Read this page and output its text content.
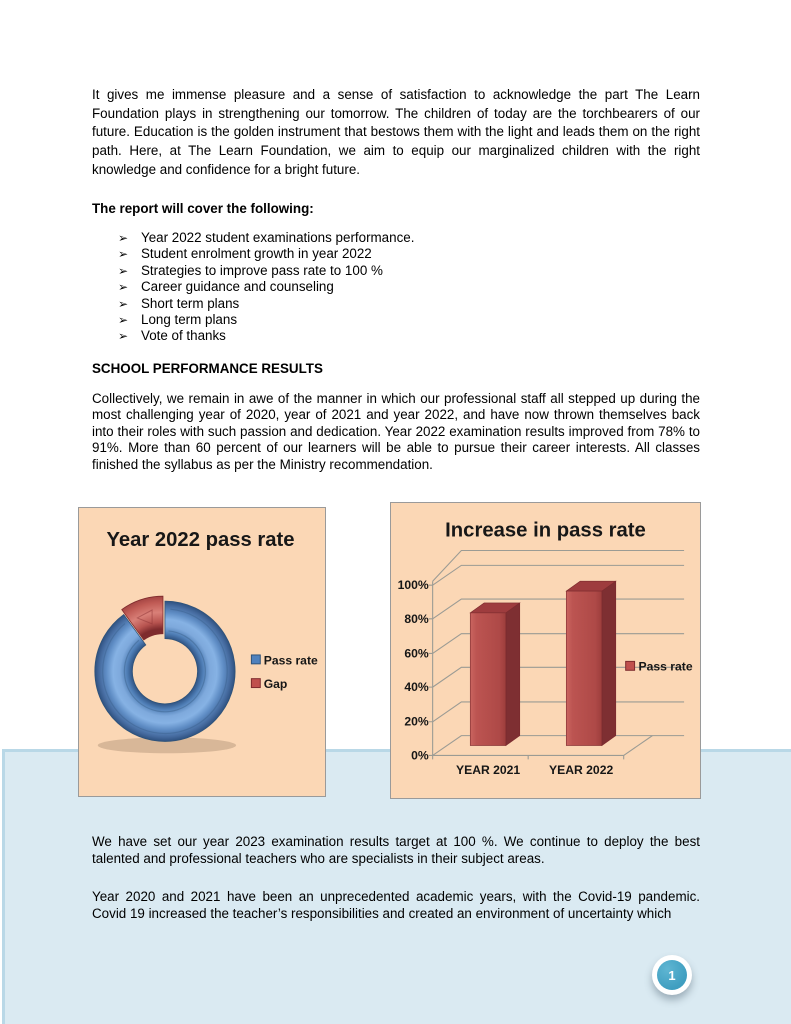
It gives me immense pleasure and a sense of satisfaction to acknowledge the part The Learn Foundation plays in strengthening our tomorrow. The children of today are the torchbearers of our future. Education is the golden instrument that bestows them with the light and leads them on the right path. Here, at The Learn Foundation, we aim to equip our marginalized children with the right knowledge and confidence for a bright future.

The report will cover the following:

➢ Year 2022 student examinations performance.
➢ Student enrolment growth in year 2022
➢ Strategies to improve pass rate to 100 %
➢ Career guidance and counseling
➢ Short term plans
➢ Long term plans
➢ Vote of thanks

SCHOOL PERFORMANCE RESULTS

Collectively, we remain in awe of the manner in which our professional staff all stepped up during the most challenging year of 2020, year of 2021 and year 2022, and have now thrown themselves back into their roles with such passion and dedication. Year 2022 examination results improved from 78% to 91%. More than 60 percent of our learners will be able to pursue their career interests. All classes finished the syllabus as per the Ministry recommendation.

Year 2022 pass rate
Pass rate
Gap
Increase in pass rate
0%
20%
40%
60%
80%
100%
YEAR 2021 YEAR 2022
Pass rate

We have set our year 2023 examination results target at 100 %. We continue to deploy the best talented and professional teachers who are specialists in their subject areas.

Year 2020 and 2021 have been an unprecedented academic years, with the Covid-19 pandemic. Covid 19 increased the teacher’s responsibilities and created an environment of uncertainty which

1
